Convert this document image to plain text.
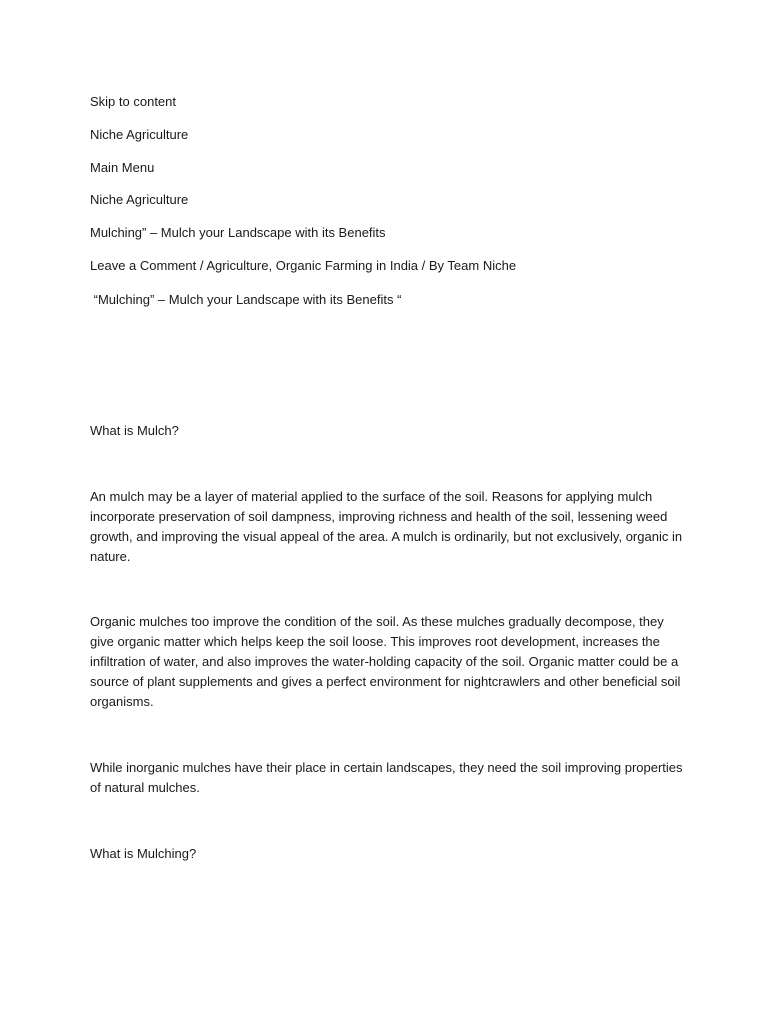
Skip to content

Niche Agriculture

Main Menu

Niche Agriculture

Mulching” – Mulch your Landscape with its Benefits

Leave a Comment / Agriculture, Organic Farming in India / By Team Niche

“Mulching” – Mulch your Landscape with its Benefits “

What is Mulch?

An mulch may be a layer of material applied to the surface of the soil. Reasons for applying mulch incorporate preservation of soil dampness, improving richness and health of the soil, lessening weed growth, and improving the visual appeal of the area. A mulch is ordinarily, but not exclusively, organic in nature.

Organic mulches too improve the condition of the soil. As these mulches gradually decompose, they give organic matter which helps keep the soil loose. This improves root development, increases the infiltration of water, and also improves the water-holding capacity of the soil. Organic matter could be a source of plant supplements and gives a perfect environment for nightcrawlers and other beneficial soil organisms.

While inorganic mulches have their place in certain landscapes, they need the soil improving properties of natural mulches.

What is Mulching?
